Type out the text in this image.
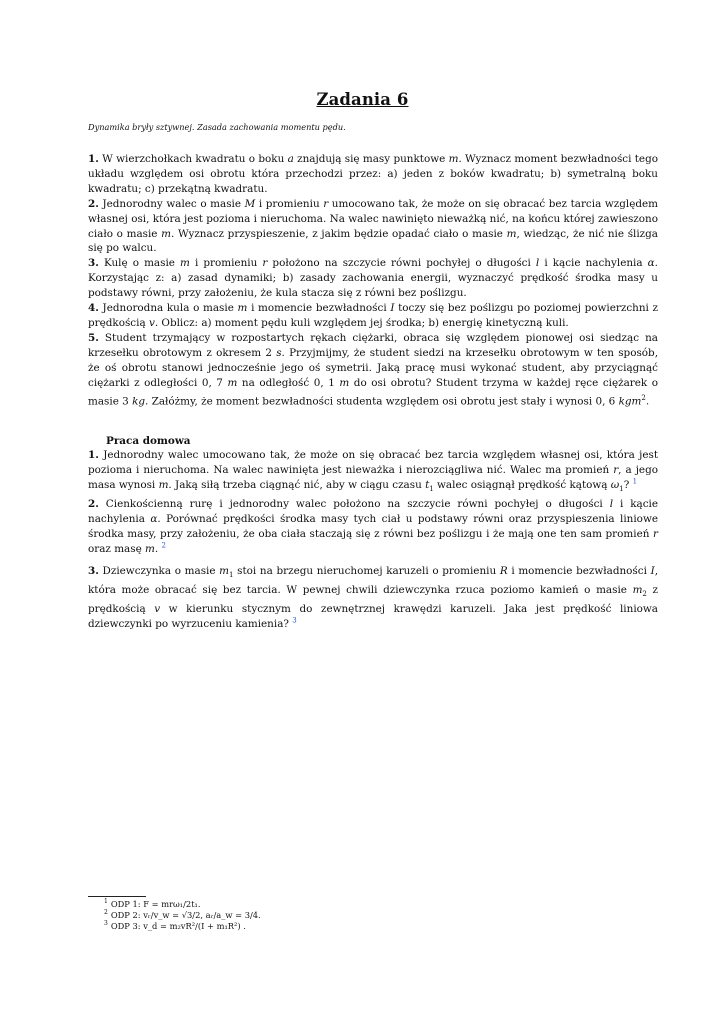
Zadania 6
Dynamika bryły sztywnej. Zasada zachowania momentu pędu.

1. W wierzchołkach kwadratu o boku a znajdują się masy punktowe m. Wyznacz moment bezwładności tego układu względem osi obrotu która przechodzi przez: a) jeden z boków kwadratu; b) symetralną boku kwadratu; c) przekątną kwadratu.

2. Jednorodny walec o masie M i promieniu r umocowano tak, że może on się obracać bez tarcia względem własnej osi, która jest pozioma i nieruchoma. Na walec nawinięto nieważką nić, na końcu której zawieszono ciało o masie m. Wyznacz przyspieszenie, z jakim będzie opadać ciało o masie m, wiedząc, że nić nie ślizga się po walcu.

3. Kulę o masie m i promieniu r położono na szczycie równi pochyłej o długości l i kącie nachylenia α. Korzystając z: a) zasad dynamiki; b) zasady zachowania energii, wyznaczyć prędkość środka masy u podstawy równi, przy założeniu, że kula stacza się z równi bez poślizgu.

4. Jednorodna kula o masie m i momencie bezwładności I toczy się bez poślizgu po poziomej powierzchni z prędkością v. Oblicz: a) moment pędu kuli względem jej środka; b) energię kinetyczną kuli.

5. Student trzymający w rozpostartych rękach ciężarki, obraca się względem pionowej osi siedząc na krzesełku obrotowym z okresem 2 s. Przyjmijmy, że student siedzi na krzesełku obrotowym w ten sposób, że oś obrotu stanowi jednocześnie jego oś symetrii. Jaką pracę musi wykonać student, aby przyciągnąć ciężarki z odległości 0, 7 m na odległość 0, 1 m do osi obrotu? Student trzyma w każdej ręce ciężarek o masie 3 kg. Załóżmy, że moment bezwładności studenta względem osi obrotu jest stały i wynosi 0, 6 kgm$^2$.

Praca domowa

1. Jednorodny walec umocowano tak, że może on się obracać bez tarcia względem własnej osi, która jest pozioma i nieruchoma. Na walec nawinięta jest nieważka i nierozciągliwa nić. Walec ma promień r, a jego masa wynosi m. Jaką siłą trzeba ciągnąć nić, aby w ciągu czasu $t_1$ walec osiągnął prędkość kątową $\omega_1$? $^1$

2. Cienkościenną rurę i jednorodny walec położono na szczycie równi pochyłej o długości l i kącie nachylenia α. Porównać prędkości środka masy tych ciał u podstawy równi oraz przyspieszenia liniowe środka masy, przy założeniu, że oba ciała staczają się z równi bez poślizgu i że mają one ten sam promień r oraz masę m. $^2$

3. Dziewczynka o masie $m_1$ stoi na brzegu nieruchomej karuzeli o promieniu R i momencie bezwładności I, która może obracać się bez tarcia. W pewnej chwili dziewczynka rzuca poziomo kamień o masie $m_2$ z prędkością v w kierunku stycznym do zewnętrznej krawędzi karuzeli. Jaka jest prędkość liniowa dziewczynki po wyrzuceniu kamienia? $^3$

$^1$ ODP 1: F = mrω₁/2t₁.

$^2$ ODP 2: vᵣ/v_w = √3/2, aᵣ/a_w = 3/4.

$^3$ ODP 3: v_d = m₂vR²/(I + m₁R²) .
